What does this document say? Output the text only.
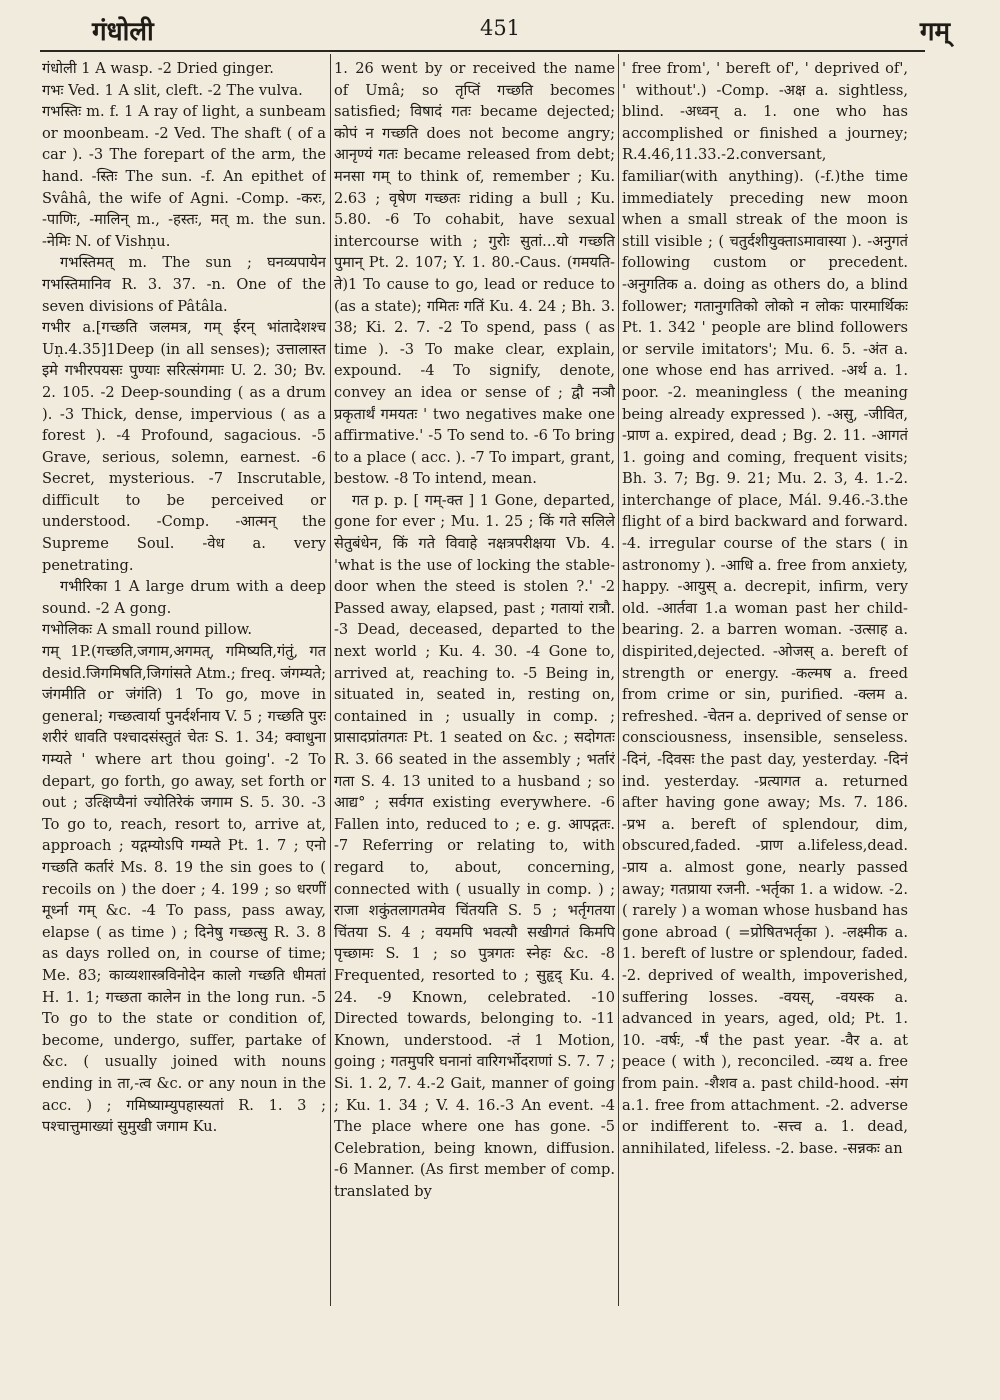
गंधोली	451	गम्

गंधोली 1 A wasp. -2 Dried ginger.

गभः Ved. 1 A slit, cleft. -2 The vulva.

गभस्तिः m. f. 1 A ray of light, a sunbeam or moonbeam. -2 Ved. The shaft ( of a car ). -3 The forepart of the arm, the hand. -स्तिः The sun. -f. An epithet of Svâhâ, the wife of Agni. -Comp. -करः, -पाणिः, -मालिन् m., -हस्तः, मत् m. the sun. -नेमिः N. of Vishṇu.

गभस्तिमत् m. The sun ; घनव्यपायेन गभस्तिमानिव R. 3. 37. -n. One of the seven divisions of Pâtâla.

गभीर a.[गच्छति जलमत्र, गम् ईरन् भांतादेशश्च Uṇ.4.35]1Deep (in all senses); उत्तालास्त इमे गभीरपयसः पुण्याः सरित्संगमाः U. 2. 30; Bv. 2. 105. -2 Deep-sounding ( as a drum ). -3 Thick, dense, impervious ( as a forest ). -4 Profound, sagacious. -5 Grave, serious, solemn, earnest. -6 Secret, mysterious. -7 Inscrutable, difficult to be perceived or understood. -Comp. -आत्मन् the Supreme Soul. -वेध a. very penetrating.

गभीरिका 1 A large drum with a deep sound. -2 A gong.

गभोलिकः A small round pillow.

गम् 1P.(गच्छति,जगाम,अगमत्, गमिष्यति,गंतुं, गत desid.जिगमिषति,जिगांसते Atm.; freq. जंगम्यते; जंगमीति or जंगंति) 1 To go, move in general; गच्छत्वार्या पुनर्दर्शनाय V. 5 ; गच्छति पुरः शरीरं धावति पश्चादसंस्तुतं चेतः S. 1. 34; क्वाधुना गम्यते ' where art thou going'. -2 To depart, go forth, go away, set forth or out ; उत्क्षिप्यैनां ज्योतिरेकं जगाम S. 5. 30. -3 To go to, reach, resort to, arrive at, approach ; यद्गम्योऽपि गम्यते Pt. 1. 7 ; एनो गच्छति कर्तारं Ms. 8. 19 the sin goes to ( recoils on ) the doer ; 4. 199 ; so धरणीं मूर्ध्ना गम् &c. -4 To pass, pass away, elapse ( as time ) ; दिनेषु गच्छत्सु R. 3. 8 as days rolled on, in course of time; Me. 83; काव्यशास्त्रविनोदेन कालो गच्छति धीमतां H. 1. 1; गच्छता कालेन in the long run. -5 To go to the state or condition of, become, undergo, suffer, partake of &c. ( usually joined with nouns ending in ता,-त्व &c. or any noun in the acc. ) ; गमिष्याम्युपहास्यतां R. 1. 3 ; पश्चात्तुमाख्यां सुमुखी जगाम Ku.

1. 26 went by or received the name of Umâ; so तृप्तिं गच्छति becomes satisfied; विषादं गतः became dejected; कोपं न गच्छति does not become angry; आनृण्यं गतः became released from debt; मनसा गम् to think of, remember ; Ku. 2.63 ; वृषेण गच्छतः riding a bull ; Ku. 5.80. -6 To cohabit, have sexual intercourse with ; गुरोः सुतां...यो गच्छति पुमान् Pt. 2. 107; Y. 1. 80.-Caus. (गमयति-ते)1 To cause to go, lead or reduce to (as a state); गमितः गतिं Ku. 4. 24 ; Bh. 3. 38; Ki. 2. 7. -2 To spend, pass ( as time ). -3 To make clear, explain, expound. -4 To signify, denote, convey an idea or sense of ; द्वौ नञौ प्रकृतार्थं गमयतः ' two negatives make one affirmative.' -5 To send to. -6 To bring to a place ( acc. ). -7 To impart, grant, bestow. -8 To intend, mean.

गत p. p. [ गम्-क्त ] 1 Gone, departed, gone for ever ; Mu. 1. 25 ; किं गते सलिले सेतुबंधेन, किं गते विवाहे नक्षत्रपरीक्षया Vb. 4. 'what is the use of locking the stable-door when the steed is stolen ?.' -2 Passed away, elapsed, past ; गतायां रात्रौ. -3 Dead, deceased, departed to the next world ; Ku. 4. 30. -4 Gone to, arrived at, reaching to. -5 Being in, situated in, seated in, resting on, contained in ; usually in comp. ; प्रासादप्रांतगतः Pt. 1 seated on &c. ; सदोगतः R. 3. 66 seated in the assembly ; भर्तारं गता S. 4. 13 united to a husband ; so आद्य° ; सर्वगत existing everywhere. -6 Fallen into, reduced to ; e. g. आपद्गतः. -7 Referring or relating to, with regard to, about, concerning, connected with ( usually in comp. ) ; राजा शकुंतलागतमेव चिंतयति S. 5 ; भर्तृगतया चिंतया S. 4 ; वयमपि भवत्यौ सखीगतं किमपि पृच्छामः S. 1 ; so पुत्रगतः स्नेहः &c. -8 Frequented, resorted to ; सुहृद् Ku. 4. 24. -9 Known, celebrated. -10 Directed towards, belonging to. -11 Known, understood. -तं 1 Motion, going ; गतमुपरि घनानां वारिगर्भोदराणां S. 7. 7 ; Si. 1. 2, 7. 4.-2 Gait, manner of going ; Ku. 1. 34 ; V. 4. 16.-3 An event. -4 The place where one has gone. -5 Celebration, being known, diffusion. -6 Manner. (As first member of comp. translated by

' free from', ' bereft of', ' deprived of', ' without'.) -Comp. -अक्ष a. sightless, blind. -अध्वन् a. 1. one who has accomplished or finished a journey; R.4.46,11.33.-2.conversant, familiar(with anything). (-f.)the time immediately preceding new moon when a small streak of the moon is still visible ; ( चतुर्दशीयुक्ताऽमावास्या ). -अनुगतं following custom or precedent. -अनुगतिक a. doing as others do, a blind follower; गतानुगतिको लोको न लोकः पारमार्थिकः Pt. 1. 342 ' people are blind followers or servile imitators'; Mu. 6. 5. -अंत a. one whose end has arrived. -अर्थ a. 1. poor. -2. meaningless ( the meaning being already expressed ). -असु, -जीवित, -प्राण a. expired, dead ; Bg. 2. 11. -आगतं 1. going and coming, frequent visits; Bh. 3. 7; Bg. 9. 21; Mu. 2. 3, 4. 1.-2. interchange of place, Mál. 9.46.-3.the flight of a bird backward and forward. -4. irregular course of the stars ( in astronomy ). -आधि a. free from anxiety, happy. -आयुस् a. decrepit, infirm, very old. -आर्तवा 1.a woman past her child-bearing. 2. a barren woman. -उत्साह a. dispirited,dejected. -ओजस् a. bereft of strength or energy. -कल्मष a. freed from crime or sin, purified. -क्लम a. refreshed. -चेतन a. deprived of sense or consciousness, insensible, senseless. -दिनं, -दिवसः the past day, yesterday. -दिनं ind. yesterday. -प्रत्यागत a. returned after having gone away; Ms. 7. 186. -प्रभ a. bereft of splendour, dim, obscured,faded. -प्राण a.lifeless,dead. -प्राय a. almost gone, nearly passed away; गतप्राया रजनी. -भर्तृका 1. a widow. -2. ( rarely ) a woman whose husband has gone abroad ( =प्रोषितभर्तृका ). -लक्ष्मीक a. 1. bereft of lustre or splendour, faded. -2. deprived of wealth, impoverished, suffering losses. -वयस्, -वयस्क a. advanced in years, aged, old; Pt. 1. 10. -वर्षः, -र्षं the past year. -वैर a. at peace ( with ), reconciled. -व्यथ a. free from pain. -शैशव a. past child-hood. -संग a.1. free from attachment. -2. adverse or indifferent to. -सत्त्व a. 1. dead, annihilated, lifeless. -2. base. -सन्नकः an
